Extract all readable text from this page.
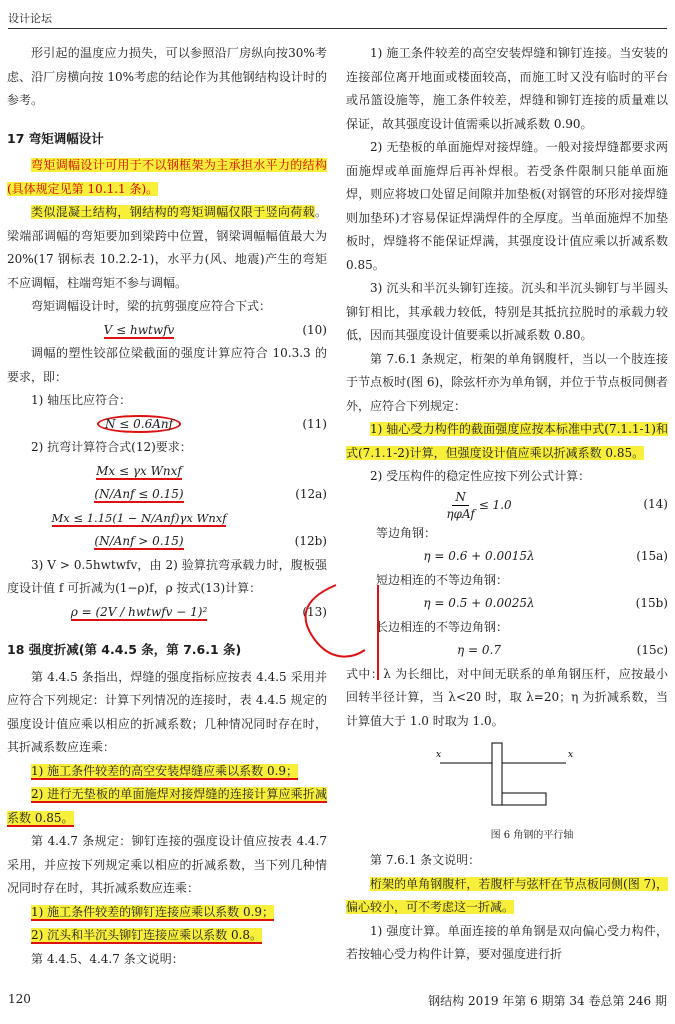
设计论坛

形引起的温度应力损失，可以参照沿厂房纵向按30%考虑、沿厂房横向按 10%考虑的结论作为其他钢结构设计时的参考。

17 弯矩调幅设计

弯矩调幅设计可用于不以钢框架为主承担水平力的结构(具体规定见第 10.1.1 条)。

类似混凝土结构，钢结构的弯矩调幅仅限于竖向荷载。梁端部调幅的弯矩要加到梁跨中位置，钢梁调幅幅值最大为 20%(17 钢标表 10.2.2-1)，水平力(风、地震)产生的弯矩不应调幅，柱端弯矩不参与调幅。

弯矩调幅设计时，梁的抗剪强度应符合下式：

V ≤ hwtwfv	(10)

调幅的塑性铰部位梁截面的强度计算应符合 10.3.3 的要求，即：

1) 轴压比应符合：

N ≤ 0.6Anf	(11)

2) 抗弯计算符合式(12)要求：

Mx ≤ γx Wnxf
(N/Anf ≤ 0.15)	(12a)
Mx ≤ 1.15(1 − N/Anf)γx Wnxf
(N/Anf > 0.15)	(12b)

3) V > 0.5hwtwfv，由 2) 验算抗弯承载力时，腹板强度设计值 f 可折减为(1−ρ)f，ρ 按式(13)计算：

ρ = (2V / hwtwfv − 1)²	(13)
18 强度折减(第 4.4.5 条，第 7.6.1 条)

第 4.4.5 条指出，焊缝的强度指标应按表 4.4.5 采用并应符合下列规定：计算下列情况的连接时，表 4.4.5 规定的强度设计值应乘以相应的折减系数；几种情况同时存在时，其折减系数应连乘：

1) 施工条件较差的高空安装焊缝应乘以系数 0.9；

2) 进行无垫板的单面施焊对接焊缝的连接计算应乘折减系数 0.85。

第 4.4.7 条规定：铆钉连接的强度设计值应按表 4.4.7 采用，并应按下列规定乘以相应的折减系数，当下列几种情况同时存在时，其折减系数应连乘：

1) 施工条件较差的铆钉连接应乘以系数 0.9；

2) 沉头和半沉头铆钉连接应乘以系数 0.8。

第 4.4.5、4.4.7 条文说明：

1) 施工条件较差的高空安装焊缝和铆钉连接。当安装的连接部位离开地面或楼面较高，而施工时又没有临时的平台或吊篮设施等，施工条件较差，焊缝和铆钉连接的质量难以保证，故其强度设计值需乘以折减系数 0.90。

2) 无垫板的单面施焊对接焊缝。一般对接焊缝都要求两面施焊或单面施焊后再补焊根。若受条件限制只能单面施焊，则应将坡口处留足间隙并加垫板(对钢管的环形对接焊缝则加垫环)才容易保证焊满焊件的全厚度。当单面施焊不加垫板时，焊缝将不能保证焊满，其强度设计值应乘以折减系数 0.85。

3) 沉头和半沉头铆钉连接。沉头和半沉头铆钉与半圆头铆钉相比，其承载力较低，特别是其抵抗拉脱时的承载力较低，因而其强度设计值要乘以折减系数 0.80。

第 7.6.1 条规定，桁架的单角钢腹杆，当以一个肢连接于节点板时(图 6)，除弦杆亦为单角钢，并位于节点板同侧者外，应符合下列规定：

1) 轴心受力构件的截面强度应按本标准中式(7.1.1-1)和式(7.1.1-2)计算，但强度设计值应乘以折减系数 0.85。

2) 受压构件的稳定性应按下列公式计算：

$\frac{N}{\text{ηφAf}} \le 1.0$	(14)

等边角钢：

η = 0.6 + 0.0015λ	(15a)

短边相连的不等边角钢：

η = 0.5 + 0.0025λ	(15b)

长边相连的不等边角钢：

η = 0.7	(15c)

式中：λ 为长细比，对中间无联系的单角钢压杆，应按最小回转半径计算，当 λ<20 时，取 λ=20；η 为折减系数，当计算值大于 1.0 时取为 1.0。

x	x
图 6 角钢的平行轴

第 7.6.1 条文说明：

桁架的单角钢腹杆，若腹杆与弦杆在节点板同侧(图 7)，偏心较小，可不考虑这一折减。

1) 强度计算。单面连接的单角钢是双向偏心受力构件，若按轴心受力构件计算，要对强度进行折

120	钢结构 2019 年第 6 期第 34 卷总第 246 期
